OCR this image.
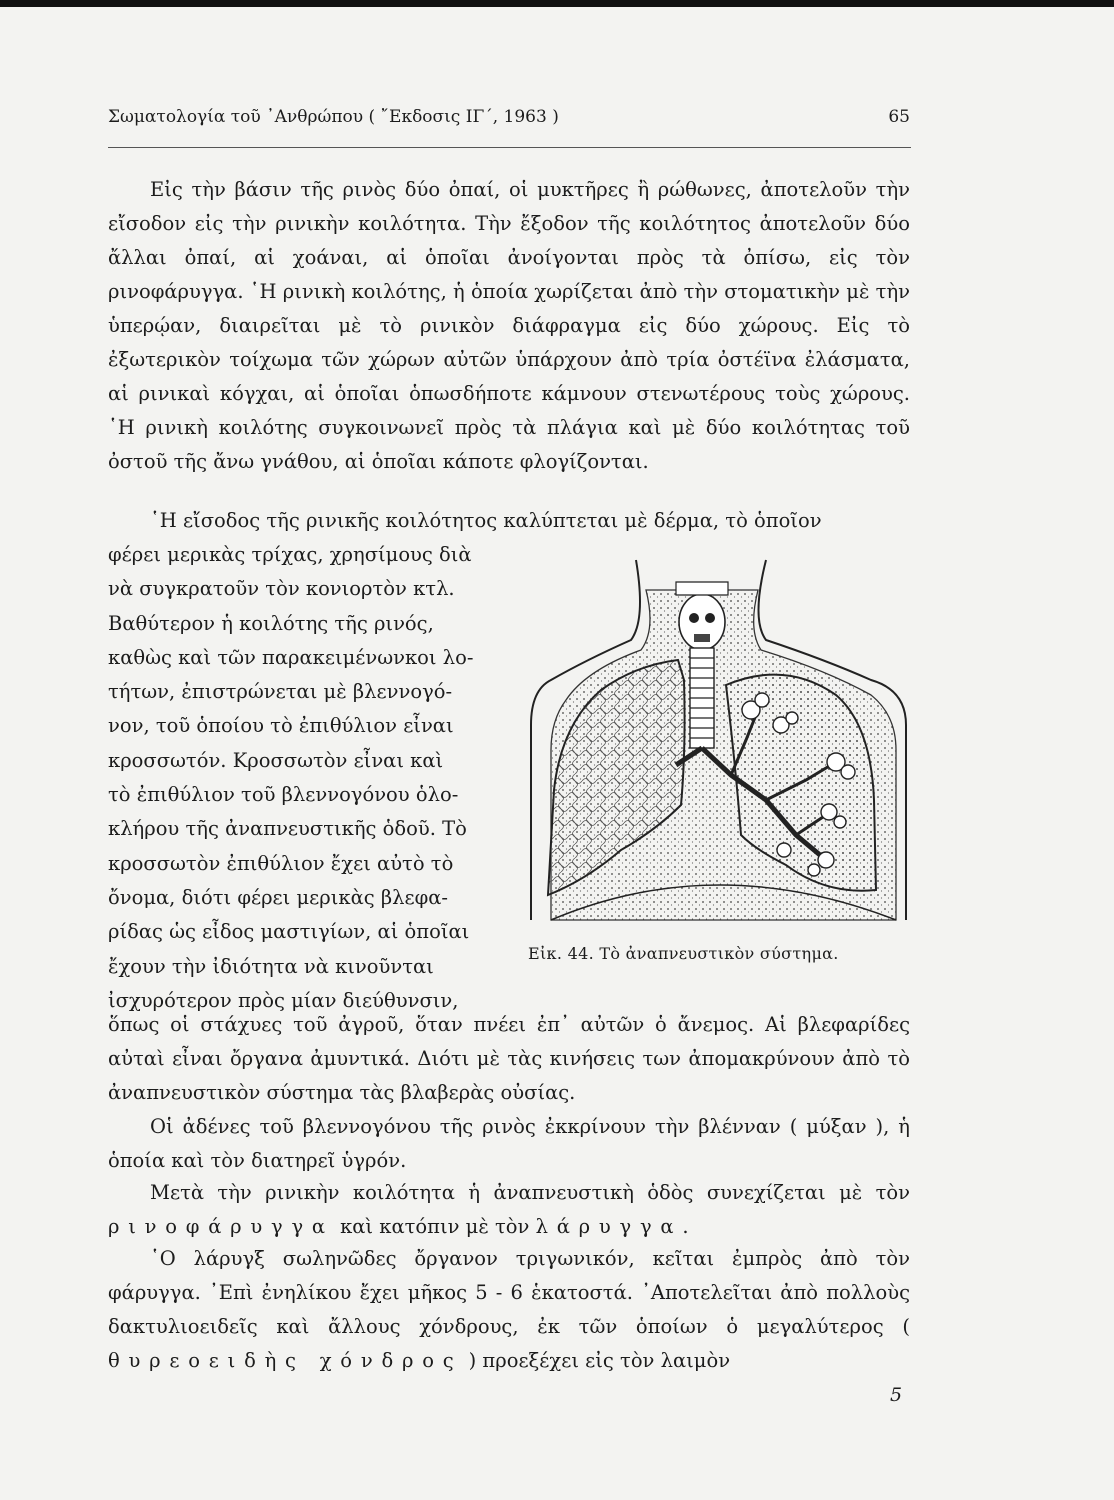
Σωματολογία τοῦ ᾿Ανθρώπου ( ῎Εκδοσις ΙΓ΄, 1963 )	65

Εἰς τὴν βάσιν τῆς ρινὸς δύο ὀπαί, οἱ μυκτῆρες ἢ ρώθωνες, ἀποτελοῦν τὴν εἴσοδον εἰς τὴν ρινικὴν κοιλότητα. Τὴν ἔξοδον τῆς κοιλότητος ἀποτελοῦν δύο ἄλλαι ὀπαί, αἱ χοάναι, αἱ ὁποῖαι ἀνοίγονται πρὸς τὰ ὀπίσω, εἰς τὸν ρινοφάρυγγα. ῾Η ρινικὴ κοιλότης, ἡ ὁποία χωρίζεται ἀπὸ τὴν στοματικὴν μὲ τὴν ὑπερῴαν, διαιρεῖται μὲ τὸ ρινικὸν διάφραγμα εἰς δύο χώρους. Εἰς τὸ ἐξωτερικὸν τοίχωμα τῶν χώρων αὐτῶν ὑπάρχουν ἀπὸ τρία ὀστέϊνα ἐλάσματα, αἱ ρινικαὶ κόγχαι, αἱ ὁποῖαι ὁπωσδήποτε κάμνουν στενωτέρους τοὺς χώρους. ῾Η ρινικὴ κοιλότης συγκοινωνεῖ πρὸς τὰ πλάγια καὶ μὲ δύο κοιλότητας τοῦ ὀστοῦ τῆς ἄνω γνάθου, αἱ ὁποῖαι κάποτε φλογίζονται.

῾Η εἴσοδος τῆς ρινικῆς κοιλότητος καλύπτεται μὲ δέρμα, τὸ ὁποῖον
φέρει μερικὰς τρίχας, χρησίμους διὰ
νὰ συγκρατοῦν τὸν κονιορτὸν κτλ.
Βαθύτερον ἡ κοιλότης τῆς ρινός,
καθὼς καὶ τῶν παρακειμένωνκοι λο-
τήτων, ἐπιστρώνεται μὲ βλεννογό-
νον, τοῦ ὁποίου τὸ ἐπιθύλιον εἶναι
κροσσωτόν. Κροσσωτὸν εἶναι καὶ
τὸ ἐπιθύλιον τοῦ βλεννογόνου ὁλο-
κλήρου τῆς ἀναπνευστικῆς ὁδοῦ. Τὸ
κροσσωτὸν ἐπιθύλιον ἔχει αὐτὸ τὸ
ὄνομα, διότι φέρει μερικὰς βλεφα-
ρίδας ὡς εἶδος μαστιγίων, αἱ ὁποῖαι
ἔχουν τὴν ἰδιότητα νὰ κινοῦνται
ἰσχυρότερον πρὸς μίαν διεύθυνσιν,
Εἰκ. 44. Τὸ ἀναπνευστικὸν σύστημα.

ὅπως οἱ στάχυες τοῦ ἀγροῦ, ὅταν πνέει ἐπ᾿ αὐτῶν ὁ ἄνεμος. Αἱ βλεφαρίδες αὐταὶ εἶναι ὄργανα ἀμυντικά. Διότι μὲ τὰς κινήσεις των ἀπομακρύνουν ἀπὸ τὸ ἀναπνευστικὸν σύστημα τὰς βλαβερὰς οὐσίας.

Οἱ ἀδένες τοῦ βλεννογόνου τῆς ρινὸς ἐκκρίνουν τὴν βλένναν ( μύξαν ), ἡ ὁποία καὶ τὸν διατηρεῖ ὑγρόν.

Μετὰ τὴν ρινικὴν κοιλότητα ἡ ἀναπνευστικὴ ὁδὸς συνεχίζεται μὲ τὸν ρινοφάρυγγα καὶ κατόπιν μὲ τὸν λάρυγγα.

῾Ο λάρυγξ σωληνῶδες ὄργανον τριγωνικόν, κεῖται ἐμπρὸς ἀπὸ τὸν φάρυγγα. ᾿Επὶ ἐνηλίκου ἔχει μῆκος 5 - 6 ἑκατοστά. ᾿Αποτελεῖται ἀπὸ πολλοὺς δακτυλιοειδεῖς καὶ ἄλλους χόνδρους, ἐκ τῶν ὁποίων ὁ μεγαλύτερος ( θυρεοειδὴς χόνδρος ) προεξέχει εἰς τὸν λαιμὸν

5
